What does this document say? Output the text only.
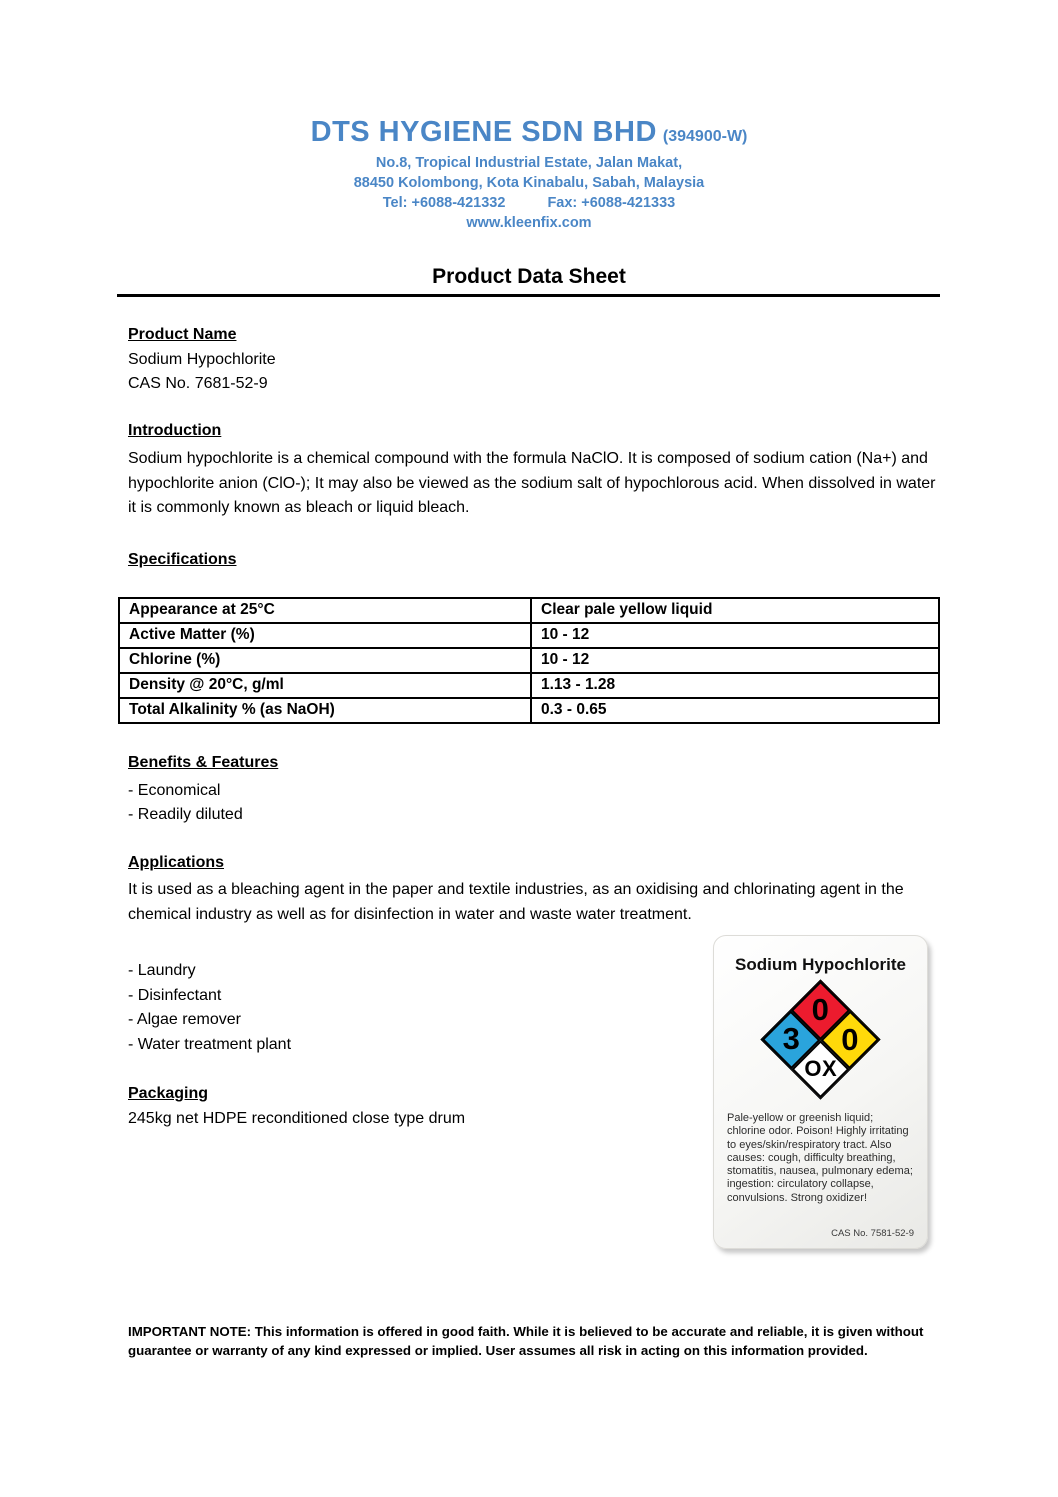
DTS HYGIENE SDN BHD (394900-W)
No.8, Tropical Industrial Estate, Jalan Makat,
88450 Kolombong, Kota Kinabalu, Sabah, Malaysia
Tel: +6088-421332	Fax: +6088-421333
www.kleenfix.com
Product Data Sheet
Product Name
Sodium Hypochlorite
CAS No. 7681-52-9
Introduction
Sodium hypochlorite is a chemical compound with the formula NaClO. It is composed of sodium cation (Na+) and hypochlorite anion (ClO-); It may also be viewed as the sodium salt of hypochlorous acid. When dissolved in water it is commonly known as bleach or liquid bleach.
Specifications
Appearance at 25°C	Clear pale yellow liquid
Active Matter (%)	10 - 12
Chlorine (%)	10 - 12
Density @ 20°C, g/ml	1.13 - 1.28
Total Alkalinity % (as NaOH)	0.3 - 0.65
Benefits & Features
- Economical
- Readily diluted
Applications
It is used as a bleaching agent in the paper and textile industries, as an oxidising and chlorinating agent in the chemical industry as well as for disinfection in water and waste water treatment.
- Laundry
- Disinfectant
- Algae remover
- Water treatment plant
Packaging
245kg net HDPE reconditioned close type drum
Sodium Hypochlorite
0
0
3
OX
Pale-yellow or greenish liquid; chlorine odor. Poison! Highly irritating to eyes/skin/respiratory tract. Also causes: cough, difficulty breathing, stomatitis, nausea, pulmonary edema; ingestion: circulatory collapse, convulsions. Strong oxidizer!
CAS No. 7581-52-9
IMPORTANT NOTE: This information is offered in good faith. While it is believed to be accurate and reliable, it is given without guarantee or warranty of any kind expressed or implied. User assumes all risk in acting on this information provided.
